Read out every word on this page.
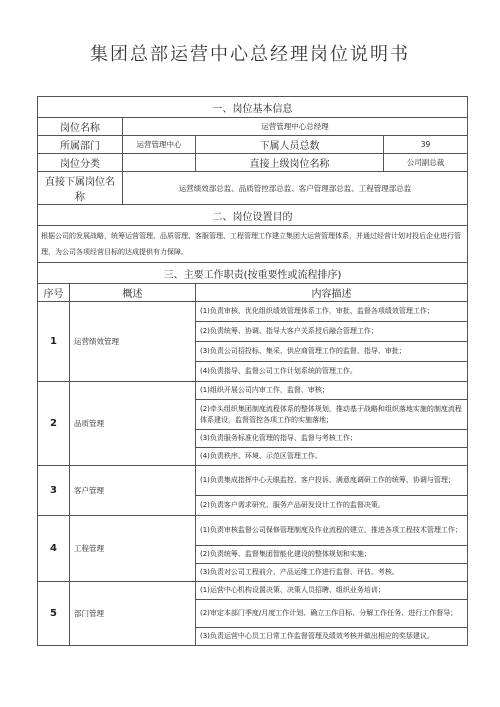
集团总部运营中心总经理岗位说明书
一、岗位基本信息				
岗位名称		运营管理中心总经理		
所属部门		运营管理中心	下属人员总数	39
岗位分类			直接上级岗位名称	公司副总裁
直接下属岗位名称		运营绩效部总监、品质管控部总监、客户管理部总监、工程管理部总监		
二、岗位设置目的				
根据公司的发展战略，统筹运营管理、品质管理、客服管理、工程管理工作建立集团大运营管理体系，并通过经营计划对投后企业进行管理，为公司各项经营目标的达成提供有力保障。				
三、主要工作职责(按重要性或流程排序)				
序号	概述		内容描述	
1	运营绩效管理		(1)负责审核、优化组织绩效管理体系工作，审批、监督各项绩效管理工作；	
			(2)负责统筹、协调、指导大客户关系授后融合管理工作；	
			(3)负责公司招投标、集采、供应商管理工作的监督、指导、审批；	
			(4)负责指导、监督公司工作计划系统的管理工作。	
2	品质管理		(1)组织开展公司内审工作，监督、审核；	
			(2)牵头组织集团制度流程体系的整体规划，推动基于战略和组织落地实施的制度流程体系建设，监督管控各项工作的实施落地；	
			(3)负责服务标准化管理的指导、监督与考核工作；	
			(4)负责秩序、环境、示范区管理工作。	
3	客户管理		(1)负责集成指挥中心天眼监控、客户投诉、满意度调研工作的统筹、协调与管理；	
			(2)负责客户需求研究、服务产品研发设计工作的监督决策。	
4	工程管理		(1)负责审核监督公司保修管理制度及作业流程的建立，推进各项工程技术管理工作；	
			(2)负责统筹、监督集团智能化建设的整体规划和实施；	
			(3)负责对公司工程前介、产品运维工作进行监督、评估、考核。	
5	部门管理		(1)运营中心机构设置决策、决策人员招聘、组织业务培训；	
			(2)审定本部门季度/月度工作计划、确立工作目标、分解工作任务、进行工作督导；	
			(3)负责运营中心员工日常工作监督管理及绩效考核并做出相应的奖惩建议。	
